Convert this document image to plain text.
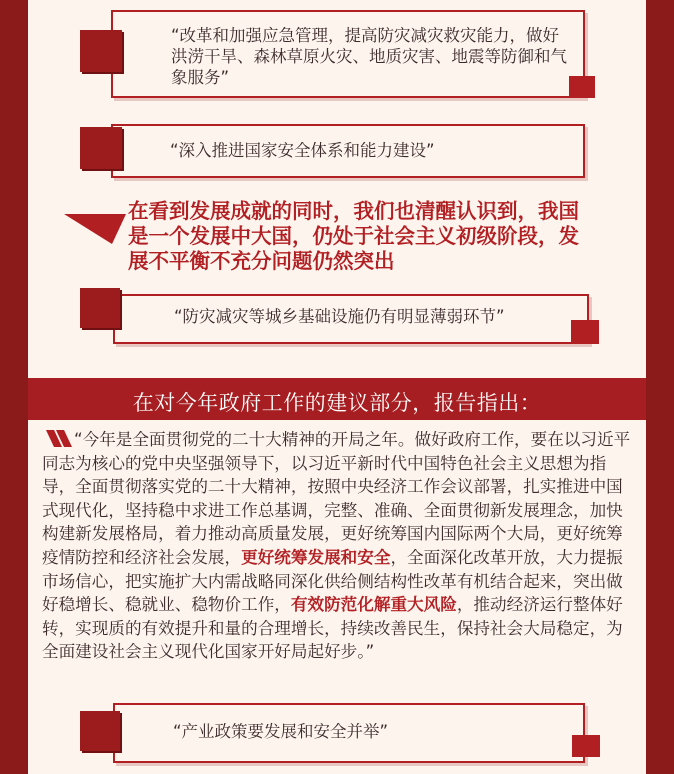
“改革和加强应急管理，提高防灾减灾救灾能力，做好洪涝干旱、森林草原火灾、地质灾害、地震等防御和气象服务”
“深入推进国家安全体系和能力建设”
在看到发展成就的同时，我们也清醒认识到，我国是一个发展中大国，仍处于社会主义初级阶段，发展不平衡不充分问题仍然突出
“防灾减灾等城乡基础设施仍有明显薄弱环节”
在对今年政府工作的建议部分，报告指出：
“今年是全面贯彻党的二十大精神的开局之年。做好政府工作，要在以习近平同志为核心的党中央坚强领导下，以习近平新时代中国特色社会主义思想为指导，全面贯彻落实党的二十大精神，按照中央经济工作会议部署，扎实推进中国式现代化，坚持稳中求进工作总基调，完整、准确、全面贯彻新发展理念，加快构建新发展格局，着力推动高质量发展，更好统筹国内国际两个大局，更好统筹疫情防控和经济社会发展，更好统筹发展和安全，全面深化改革开放，大力提振市场信心，把实施扩大内需战略同深化供给侧结构性改革有机结合起来，突出做好稳增长、稳就业、稳物价工作，有效防范化解重大风险，推动经济运行整体好转，实现质的有效提升和量的合理增长，持续改善民生，保持社会大局稳定，为全面建设社会主义现代化国家开好局起好步。”
“产业政策要发展和安全并举”
